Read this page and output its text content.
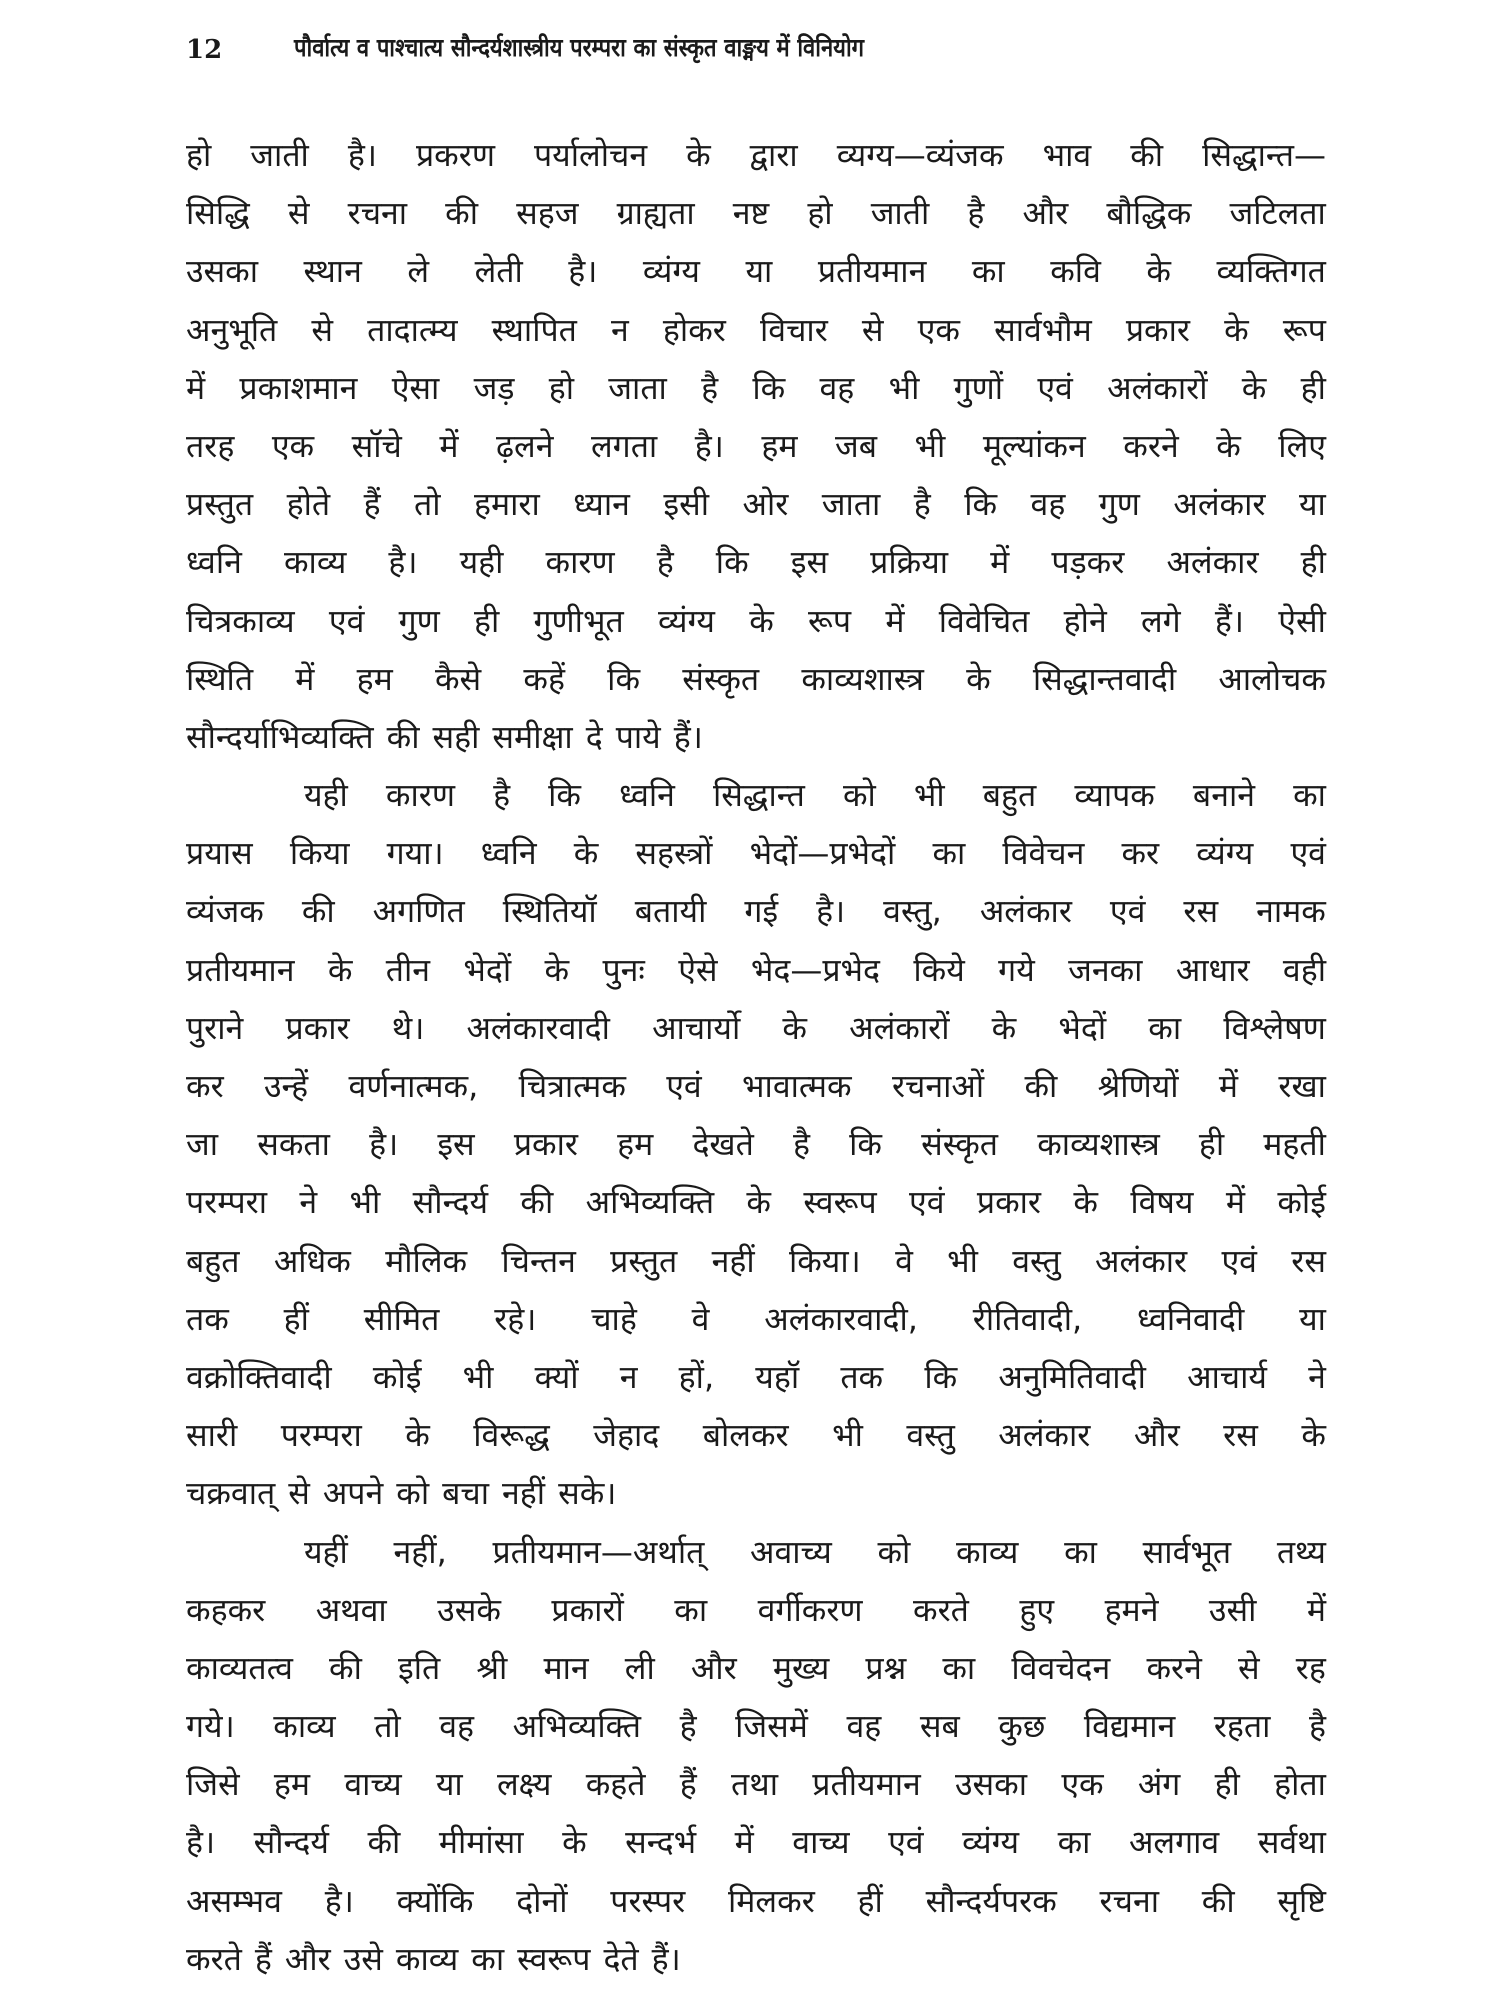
12	पौर्वात्य व पाश्चात्य सौन्दर्यशास्त्रीय परम्परा का संस्कृत वाङ्मय में विनियोग
हो जाती है। प्रकरण पर्यालोचन के द्वारा व्यग्य—व्यंजक भाव की सिद्धान्त—
सिद्धि से रचना की सहज ग्राह्यता नष्ट हो जाती है और बौद्धिक जटिलता
उसका स्थान ले लेती है। व्यंग्य या प्रतीयमान का कवि के व्यक्तिगत
अनुभूति से तादात्म्य स्थापित न होकर विचार से एक सार्वभौम प्रकार के रूप
में प्रकाशमान ऐसा जड़ हो जाता है कि वह भी गुणों एवं अलंकारों के ही
तरह एक सॉचे में ढ़लने लगता है। हम जब भी मूल्यांकन करने के लिए
प्रस्तुत होते हैं तो हमारा ध्यान इसी ओर जाता है कि वह गुण अलंकार या
ध्वनि काव्य है। यही कारण है कि इस प्रक्रिया में पड़कर अलंकार ही
चित्रकाव्य एवं गुण ही गुणीभूत व्यंग्य के रूप में विवेचित होने लगे हैं। ऐसी
स्थिति में हम कैसे कहें कि संस्कृत काव्यशास्त्र के सिद्धान्तवादी आलोचक
सौन्दर्याभिव्यक्ति की सही समीक्षा दे पाये हैं।
यही कारण है कि ध्वनि सिद्धान्त को भी बहुत व्यापक बनाने का
प्रयास किया गया। ध्वनि के सहस्त्रों भेदों—प्रभेदों का विवेचन कर व्यंग्य एवं
व्यंजक की अगणित स्थितियॉ बतायी गई है। वस्तु, अलंकार एवं रस नामक
प्रतीयमान के तीन भेदों के पुनः ऐसे भेद—प्रभेद किये गये जनका आधार वही
पुराने प्रकार थे। अलंकारवादी आचार्यो के अलंकारों के भेदों का विश्लेषण
कर उन्हें वर्णनात्मक, चित्रात्मक एवं भावात्मक रचनाओं की श्रेणियों में रखा
जा सकता है। इस प्रकार हम देखते है कि संस्कृत काव्यशास्त्र ही महती
परम्परा ने भी सौन्दर्य की अभिव्यक्ति के स्वरूप एवं प्रकार के विषय में कोई
बहुत अधिक मौलिक चिन्तन प्रस्तुत नहीं किया। वे भी वस्तु अलंकार एवं रस
तक हीं सीमित रहे। चाहे वे अलंकारवादी, रीतिवादी, ध्वनिवादी या
वक्रोक्तिवादी कोई भी क्यों न हों, यहॉ तक कि अनुमितिवादी आचार्य ने
सारी परम्परा के विरूद्ध जेहाद बोलकर भी वस्तु अलंकार और रस के
चक्रवात् से अपने को बचा नहीं सके।
यहीं नहीं, प्रतीयमान—अर्थात् अवाच्य को काव्य का सार्वभूत तथ्य
कहकर अथवा उसके प्रकारों का वर्गीकरण करते हुए हमने उसी में
काव्यतत्व की इति श्री मान ली और मुख्य प्रश्न का विवचेदन करने से रह
गये। काव्य तो वह अभिव्यक्ति है जिसमें वह सब कुछ विद्यमान रहता है
जिसे हम वाच्य या लक्ष्य कहते हैं तथा प्रतीयमान उसका एक अंग ही होता
है। सौन्दर्य की मीमांसा के सन्दर्भ में वाच्य एवं व्यंग्य का अलगाव सर्वथा
असम्भव है। क्योंकि दोनों परस्पर मिलकर हीं सौन्दर्यपरक रचना की सृष्टि
करते हैं और उसे काव्य का स्वरूप देते हैं।
